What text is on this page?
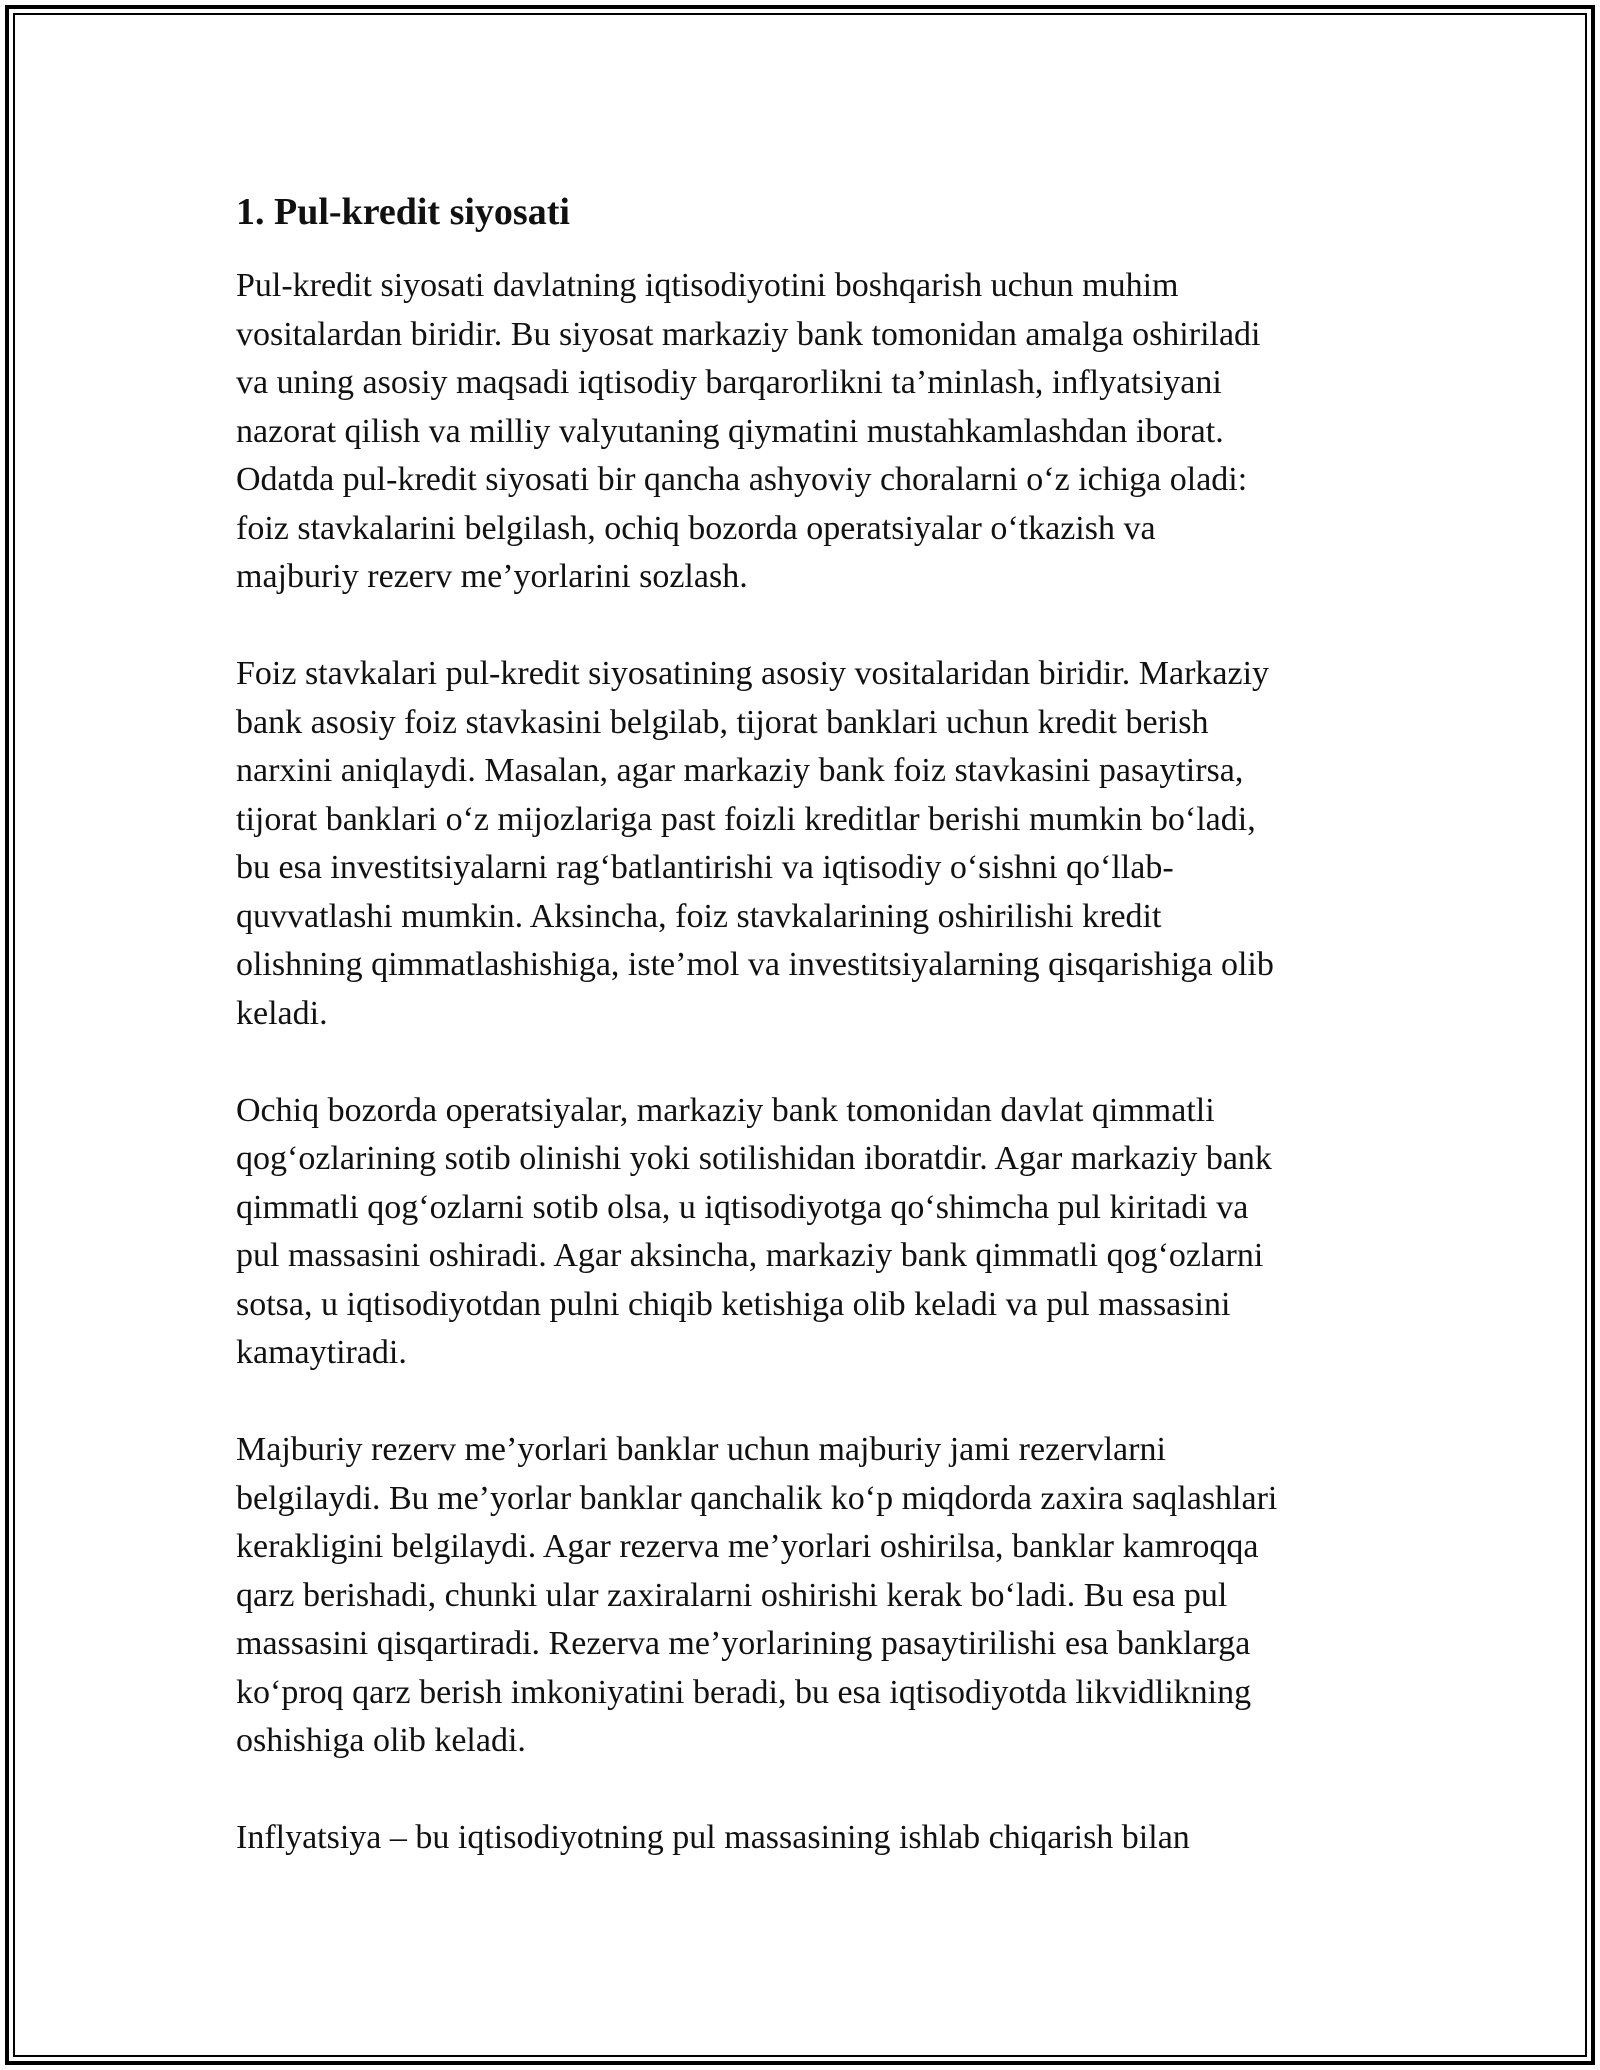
1. Pul-kredit siyosati

Pul-kredit siyosati davlatning iqtisodiyotini boshqarish uchun muhim
vositalardan biridir. Bu siyosat markaziy bank tomonidan amalga oshiriladi
va uning asosiy maqsadi iqtisodiy barqarorlikni ta’minlash, inflyatsiyani
nazorat qilish va milliy valyutaning qiymatini mustahkamlashdan iborat.
Odatda pul-kredit siyosati bir qancha ashyoviy choralarni o‘z ichiga oladi:
foiz stavkalarini belgilash, ochiq bozorda operatsiyalar o‘tkazish va
majburiy rezerv me’yorlarini sozlash.

Foiz stavkalari pul-kredit siyosatining asosiy vositalaridan biridir. Markaziy
bank asosiy foiz stavkasini belgilab, tijorat banklari uchun kredit berish
narxini aniqlaydi. Masalan, agar markaziy bank foiz stavkasini pasaytirsa,
tijorat banklari o‘z mijozlariga past foizli kreditlar berishi mumkin bo‘ladi,
bu esa investitsiyalarni rag‘batlantirishi va iqtisodiy o‘sishni qo‘llab-
quvvatlashi mumkin. Aksincha, foiz stavkalarining oshirilishi kredit
olishning qimmatlashishiga, iste’mol va investitsiyalarning qisqarishiga olib
keladi.

Ochiq bozorda operatsiyalar, markaziy bank tomonidan davlat qimmatli
qog‘ozlarining sotib olinishi yoki sotilishidan iboratdir. Agar markaziy bank
qimmatli qog‘ozlarni sotib olsa, u iqtisodiyotga qo‘shimcha pul kiritadi va
pul massasini oshiradi. Agar aksincha, markaziy bank qimmatli qog‘ozlarni
sotsa, u iqtisodiyotdan pulni chiqib ketishiga olib keladi va pul massasini
kamaytiradi.

Majburiy rezerv me’yorlari banklar uchun majburiy jami rezervlarni
belgilaydi. Bu me’yorlar banklar qanchalik ko‘p miqdorda zaxira saqlashlari
kerakligini belgilaydi. Agar rezerva me’yorlari oshirilsa, banklar kamroqqa
qarz berishadi, chunki ular zaxiralarni oshirishi kerak bo‘ladi. Bu esa pul
massasini qisqartiradi. Rezerva me’yorlarining pasaytirilishi esa banklarga
ko‘proq qarz berish imkoniyatini beradi, bu esa iqtisodiyotda likvidlikning
oshishiga olib keladi.

Inflyatsiya – bu iqtisodiyotning pul massasining ishlab chiqarish bilan
